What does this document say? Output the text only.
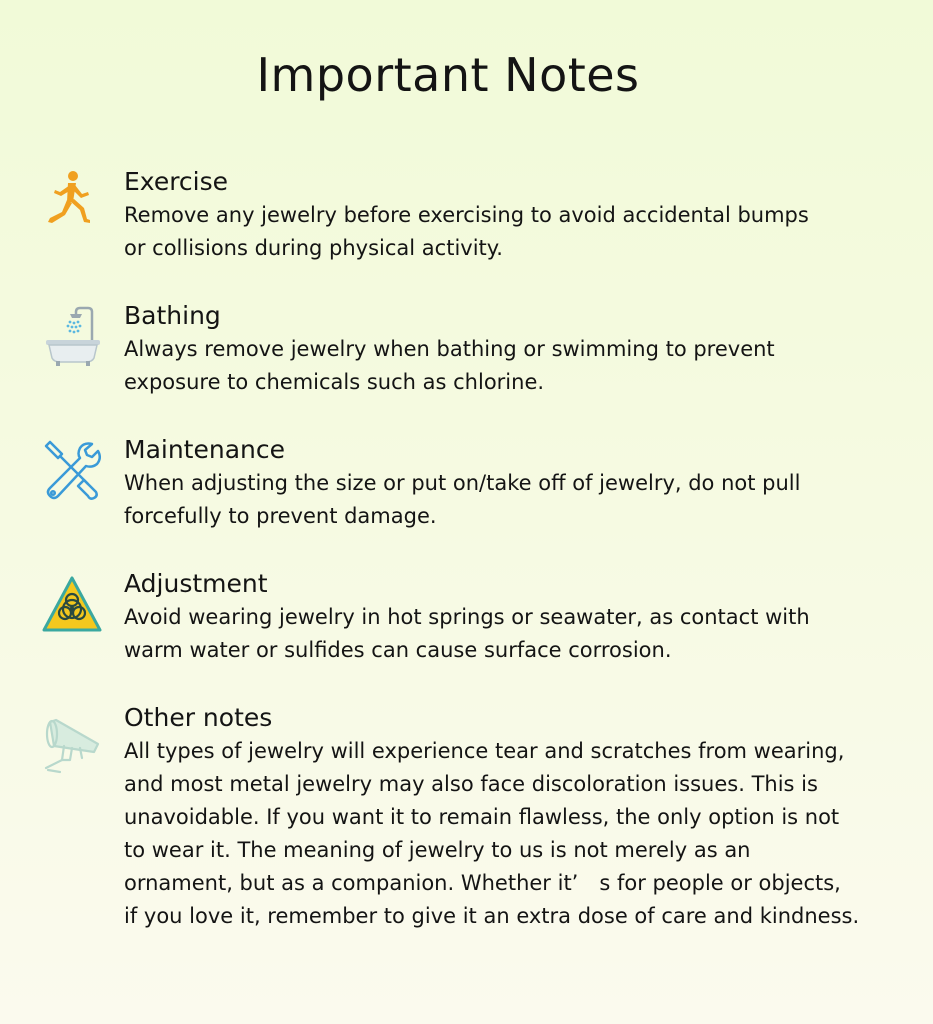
Important Notes
Exercise
Remove any jewelry before exercising to avoid accidental bumps
or collisions during physical activity.
Bathing
Always remove jewelry when bathing or swimming to prevent
exposure to chemicals such as chlorine.
Maintenance
When adjusting the size or put on/take off of jewelry, do not pull
forcefully to prevent damage.
Adjustment
Avoid wearing jewelry in hot springs or seawater, as contact with
warm water or sulfides can cause surface corrosion.
Other notes
All types of jewelry will experience tear and scratches from wearing,
and most metal jewelry may also face discoloration issues. This is
unavoidable. If you want it to remain flawless, the only option is not
to wear it. The meaning of jewelry to us is not merely as an
ornament, but as a companion. Whether it’ s for people or objects,
if you love it, remember to give it an extra dose of care and kindness.
